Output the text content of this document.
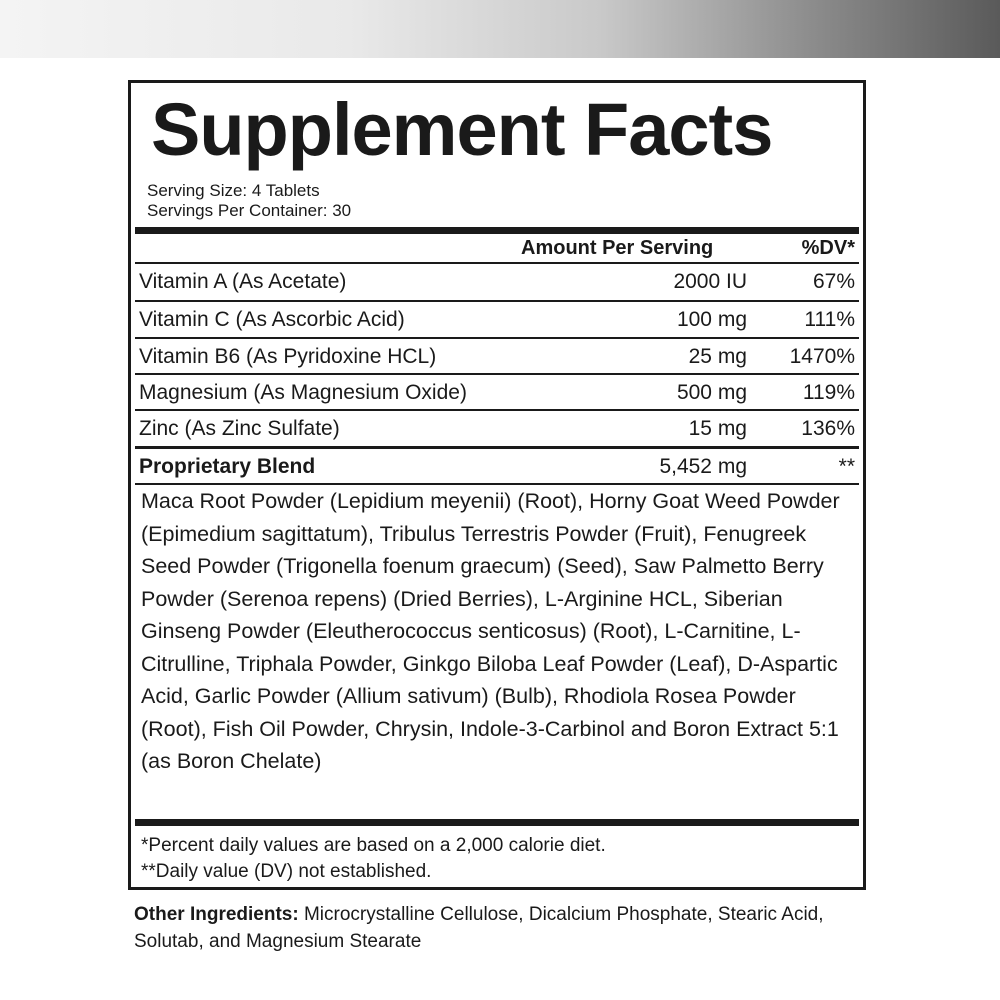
Supplement Facts
Serving Size: 4 Tablets
Servings Per Container: 30
Amount Per Serving	%DV*
Vitamin A (As Acetate)	2000 IU	67%
Vitamin C (As Ascorbic Acid)	100 mg	111%
Vitamin B6 (As Pyridoxine HCL)	25 mg 1470%
Magnesium (As Magnesium Oxide)	500 mg	119%
Zinc (As Zinc Sulfate)	15 mg	136%
Proprietary Blend	5,452 mg	**
Maca Root Powder (Lepidium meyenii) (Root), Horny Goat Weed Powder (Epimedium sagittatum), Tribulus Terrestris Powder (Fruit), Fenugreek Seed Powder (Trigonella foenum graecum) (Seed), Saw Palmetto Berry Powder (Serenoa repens) (Dried Berries), L-Arginine HCL, Siberian Ginseng Powder (Eleutherococcus senticosus) (Root), L-Carnitine, L-Citrulline, Triphala Powder, Ginkgo Biloba Leaf Powder (Leaf), D-Aspartic Acid, Garlic Powder (Allium sativum) (Bulb), Rhodiola Rosea Powder (Root), Fish Oil Powder, Chrysin, Indole-3-Carbinol and Boron Extract 5:1 (as Boron Chelate)
*Percent daily values are based on a 2,000 calorie diet.
**Daily value (DV) not established.
Other Ingredients: Microcrystalline Cellulose, Dicalcium Phosphate, Stearic Acid, Solutab, and Magnesium Stearate
